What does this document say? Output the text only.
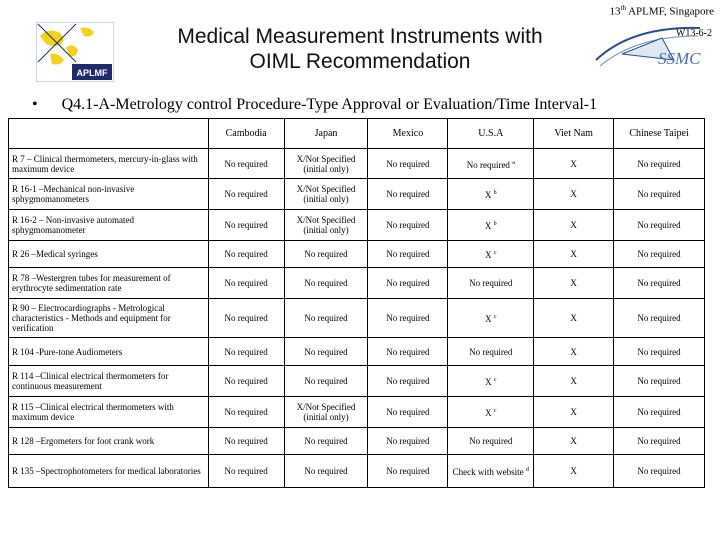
13th APLMF, Singapore
W13-6-2
APLMF
SSMC
Medical Measurement Instruments with
OIML Recommendation
• Q4.1-A-Metrology control Procedure-Type Approval or Evaluation/Time Interval-1
	Cambodia	Japan	Mexico	U.S.A	Viet Nam	Chinese Taipei
R 7 – Clinical thermometers, mercury-in-glass with maximum device	No required	X/Not Specified (initial only)	No required	No required $^a$	X	No required
R 16-1 –Mechanical non-invasive sphygmomanometers	No required	X/Not Specified (initial only)	No required	X $^b$	X	No required
R 16-2 – Non-invasive automated sphygmomanometer	No required	X/Not Specified (initial only)	No required	X $^b$	X	No required
R 26 –Medical syringes	No required	No required	No required	X $^c$	X	No required
R 78 –Westergren tubes for measurement of erythrocyte sedimentation rate	No required	No required	No required	No required	X	No required
R 90 – Electrocardiographs - Metrological characteristics - Methods and equipment for verification	No required	No required	No required	X $^c$	X	No required
R 104 -Pure-tone Audiometers	No required	No required	No required	No required	X	No required
R 114 –Clinical electrical thermometers for continuous measurement	No required	No required	No required	X $^c$	X	No required
R 115 –Clinical electrical thermometers with maximum device	No required	X/Not Specified (initial only)	No required	X $^c$	X	No required
R 128 –Ergometers for foot crank work	No required	No required	No required	No required	X	No required
R 135 –Spectrophotometers for medical laboratories	No required	No required	No required	Check with website $^d$	X	No required
